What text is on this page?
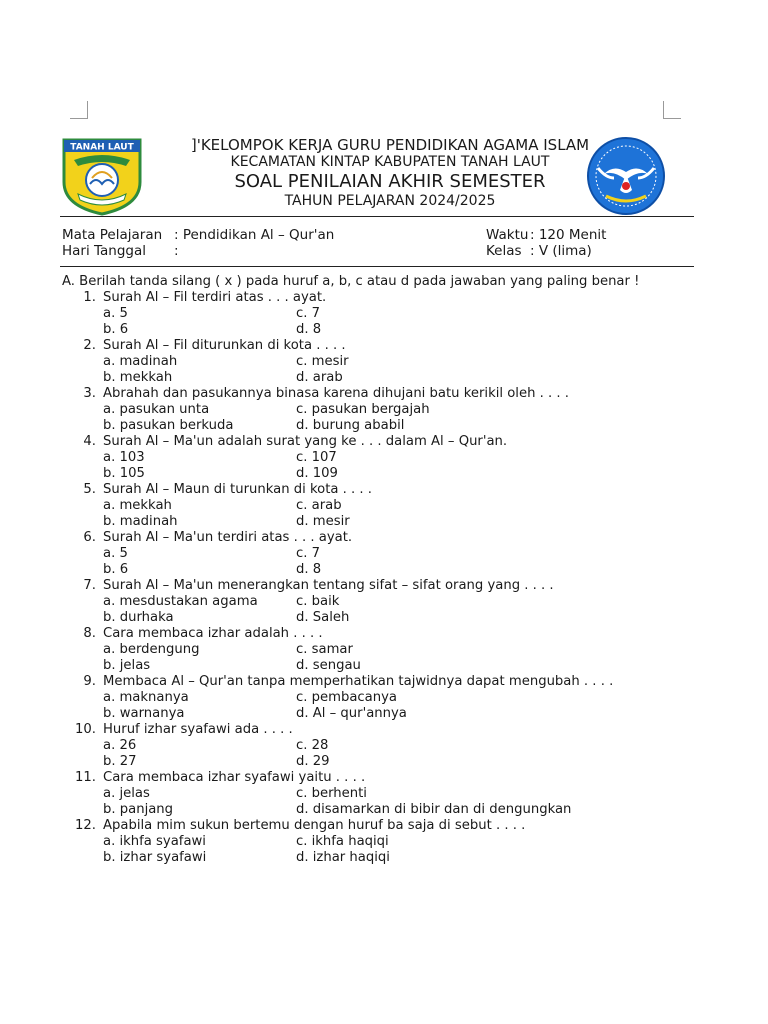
TANAH LAUT	]'KELOMPOK KERJA GURU PENDIDIKAN AGAMA ISLAM
KECAMATAN KINTAP KABUPATEN TANAH LAUT
SOAL PENILAIAN AKHIR SEMESTER
TAHUN PELAJARAN 2024/2025
Mata Pelajaran : Pendidikan Al – Qur'an
Hari Tanggal :
Waktu : 120 Menit
Kelas : V (lima)
A. Berilah tanda silang ( x ) pada huruf a, b, c atau d pada jawaban yang paling benar !
1. Surah Al – Fil terdiri atas . . . ayat.
a. 5	c. 7
b. 6	d. 8
2. Surah Al – Fil diturunkan di kota . . . .
a. madinah	c. mesir
b. mekkah	d. arab
3. Abrahah dan pasukannya binasa karena dihujani batu kerikil oleh . . . .
a. pasukan unta	c. pasukan bergajah
b. pasukan berkuda	d. burung ababil
4. Surah Al – Ma'un adalah surat yang ke . . . dalam Al – Qur'an.
a. 103	c. 107
b. 105	d. 109
5. Surah Al – Maun di turunkan di kota . . . .
a. mekkah	c. arab
b. madinah	d. mesir
6. Surah Al – Ma'un terdiri atas . . . ayat.
a. 5	c. 7
b. 6	d. 8
7. Surah Al – Ma'un menerangkan tentang sifat – sifat orang yang . . . .
a. mesdustakan agama	c. baik
b. durhaka	d. Saleh
8. Cara membaca izhar adalah . . . .
a. berdengung	c. samar
b. jelas	d. sengau
9. Membaca Al – Qur'an tanpa memperhatikan tajwidnya dapat mengubah . . . .
a. maknanya	c. pembacanya
b. warnanya	d. Al – qur'annya
10. Huruf izhar syafawi ada . . . .
a. 26	c. 28
b. 27	d. 29
11. Cara membaca izhar syafawi yaitu . . . .
a. jelas	c. berhenti
b. panjang	d. disamarkan di bibir dan di dengungkan
12. Apabila mim sukun bertemu dengan huruf ba saja di sebut . . . .
a. ikhfa syafawi	c. ikhfa haqiqi
b. izhar syafawi	d. izhar haqiqi
